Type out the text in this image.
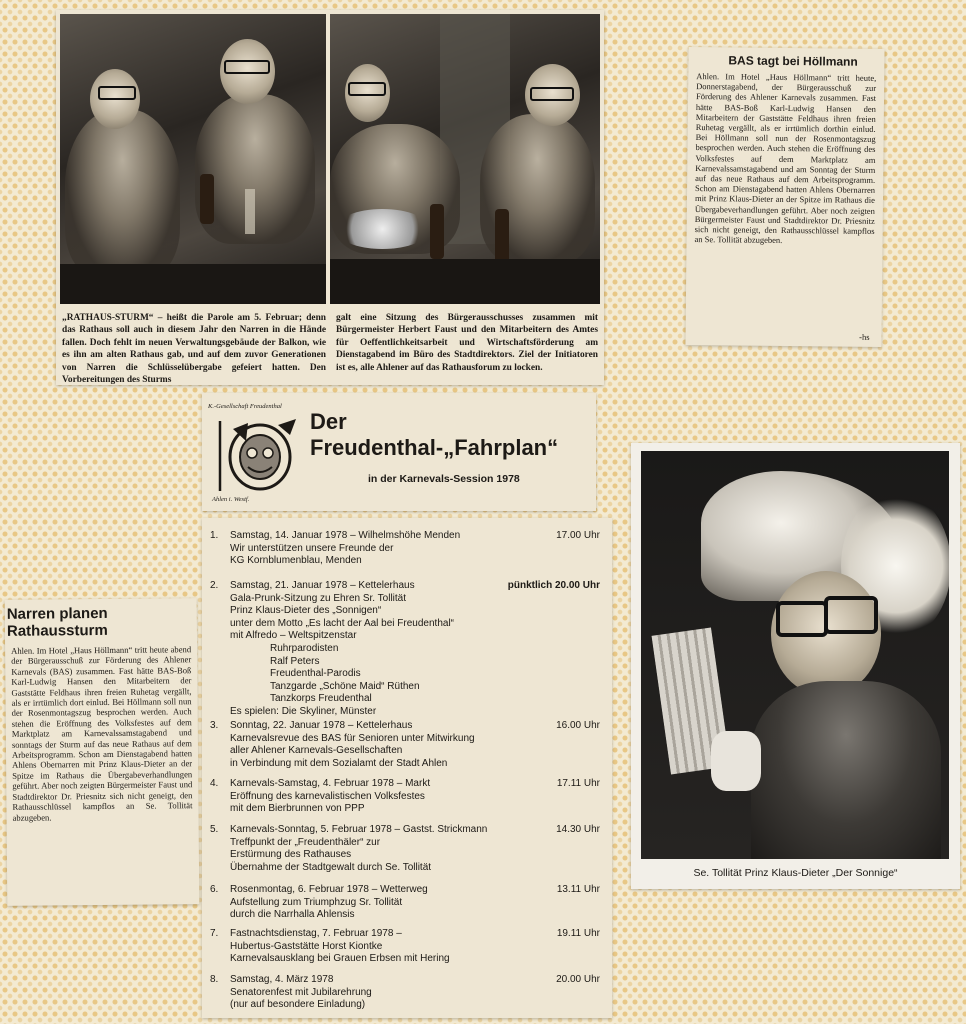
„RATHAUS-STURM“ – heißt die Parole am 5. Februar; denn das Rathaus soll auch in diesem Jahr den Narren in die Hände fallen. Doch fehlt im neuen Verwaltungsgebäude der Balkon, wie es ihn am alten Rathaus gab, und auf dem zuvor Generationen von Narren die Schlüsselübergabe gefeiert hatten. Den Vorbereitungen des Sturms
galt eine Sitzung des Bürgerausschusses zusammen mit Bürgermeister Herbert Faust und den Mitarbeitern des Amtes für Oeffentlichkeitsarbeit und Wirtschaftsförderung am Dienstagabend im Büro des Stadtdirektors. Ziel der Initiatoren ist es, alle Ahlener auf das Rathausforum zu locken.
BAS tagt bei Höllmann
Ahlen. Im Hotel „Haus Höllmann“ tritt heute, Donnerstagabend, der Bürgerausschuß zur Förderung des Ahlener Karnevals zusammen. Fast hätte BAS-Boß Karl-Ludwig Hansen den Mitarbeitern der Gaststätte Feldhaus ihren freien Ruhetag vergällt, als er irrtümlich dorthin einlud. Bei Höllmann soll nun der Rosenmontagszug besprochen werden. Auch stehen die Eröffnung des Volksfestes auf dem Marktplatz am Karnevalssamstagabend und am Sonntag der Sturm auf das neue Rathaus auf dem Arbeitsprogramm. Schon am Dienstagabend hatten Ahlens Obernarren mit Prinz Klaus-Dieter an der Spitze im Rathaus die Übergabeverhandlungen geführt. Aber noch zeigten Bürgermeister Faust und Stadtdirektor Dr. Priesnitz sich nicht geneigt, den Rathausschlüssel kampflos an Se. Tollität abzugeben.
-hs
Narren planen Rathaussturm
Ahlen. Im Hotel „Haus Höllmann“ tritt heute abend der Bürgerausschuß zur Förderung des Ahlener Karnevals (BAS) zusammen. Fast hätte BAS-Boß Karl-Ludwig Hansen den Mitarbeitern der Gaststätte Feldhaus ihren freien Ruhetag vergällt, als er irrtümlich dort einlud. Bei Höllmann soll nun der Rosenmontagszug besprochen werden. Auch stehen die Eröffnung des Volksfestes auf dem Marktplatz am Karnevalssamstagabend und sonntags der Sturm auf das neue Rathaus auf dem Arbeitsprogramm. Schon am Dienstagabend hatten Ahlens Obernarren mit Prinz Klaus-Dieter an der Spitze im Rathaus die Übergabeverhandlungen geführt. Aber noch zeigten Bürgermeister Faust und Stadtdirektor Dr. Priesnitz sich nicht geneigt, den Rathausschlüssel kampflos an Se. Tollität abzugeben.
K.-Gesellschaft Freudenthal
Ahlen i. Westf.
Der
Freudenthal-„Fahrplan“
in der Karnevals-Session 1978
1.	17.00 Uhr
Samstag, 14. Januar 1978 – Wilhelmshöhe Menden
Wir unterstützen unsere Freunde der
KG Kornblumenblau, Menden
2.	pünktlich 20.00 Uhr
Samstag, 21. Januar 1978 – Kettelerhaus
Gala-Prunk-Sitzung zu Ehren Sr. Tollität
Prinz Klaus-Dieter des „Sonnigen“
unter dem Motto „Es lacht der Aal bei Freudenthal“
mit Alfredo – Weltspitzenstar
Ruhrparodisten
Ralf Peters
Freudenthal-Parodis
Tanzgarde „Schöne Maid“ Rüthen
Tanzkorps Freudenthal
Es spielen: Die Skyliner, Münster
3.	16.00 Uhr
Sonntag, 22. Januar 1978 – Kettelerhaus
Karnevalsrevue des BAS für Senioren unter Mitwirkung
aller Ahlener Karnevals-Gesellschaften
in Verbindung mit dem Sozialamt der Stadt Ahlen
4.	17.11 Uhr
Karnevals-Samstag, 4. Februar 1978 – Markt
Eröffnung des karnevalistischen Volksfestes
mit dem Bierbrunnen von PPP
5.	14.30 Uhr
Karnevals-Sonntag, 5. Februar 1978 – Gastst. Strickmann
Treffpunkt der „Freudenthäler“ zur
Erstürmung des Rathauses
Übernahme der Stadtgewalt durch Se. Tollität
6.	13.11 Uhr
Rosenmontag, 6. Februar 1978 – Wetterweg
Aufstellung zum Triumphzug Sr. Tollität
durch die Narrhalla Ahlensis
7.	19.11 Uhr
Fastnachtsdienstag, 7. Februar 1978 –
Hubertus-Gaststätte Horst Kiontke
Karnevalsausklang bei Grauen Erbsen mit Hering
8.	20.00 Uhr
Samstag, 4. März 1978
Senatorenfest mit Jubilarehrung
(nur auf besondere Einladung)
Se. Tollität Prinz Klaus-Dieter „Der Sonnige“
